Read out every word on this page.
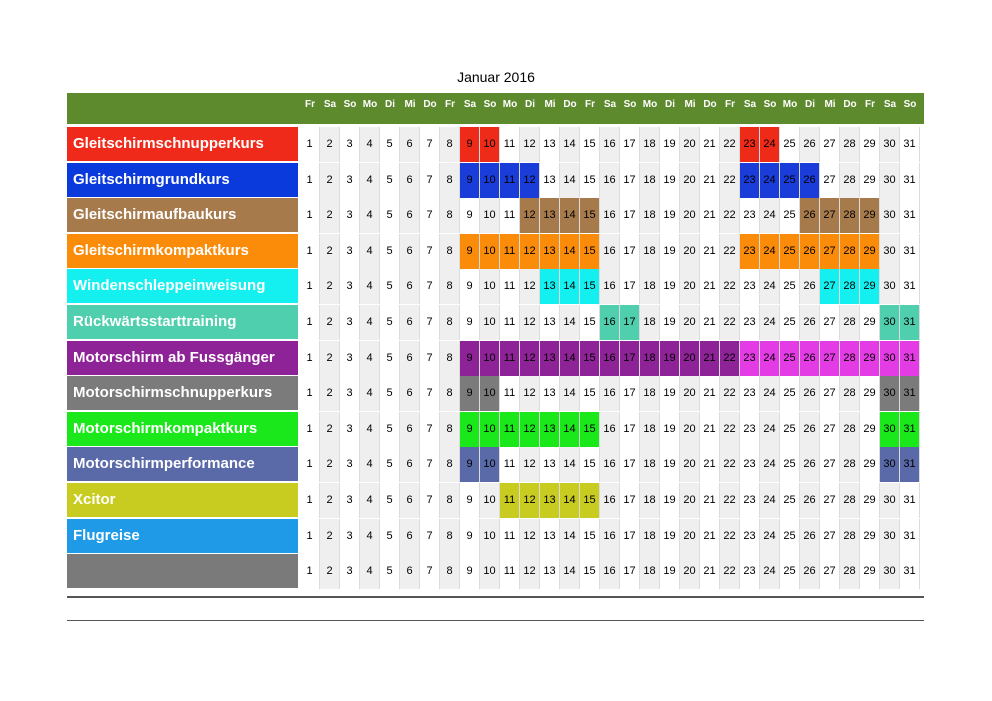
Januar 2016
Fr Sa So Mo Di Mi Do Fr Sa So Mo Di Mi Do Fr Sa So Mo Di Mi Do Fr Sa So Mo Di Mi Do Fr Sa So
Gleitschirmschnupperkurs	1	2	3	4	5	6	7	8	9 10 11 12 13 14 15 16 17 18 19 20 21 22 23 24 25 26 27 28 29 30 31
Gleitschirmgrundkurs	1	2	3	4	5	6	7	8	9 10 11 12 13 14 15 16 17 18 19 20 21 22 23 24 25 26 27 28 29 30 31
Gleitschirmaufbaukurs	1	2	3	4	5	6	7	8	9 10 11 12 13 14 15 16 17 18 19 20 21 22 23 24 25 26 27 28 29 30 31
Gleitschirmkompaktkurs	1	2	3	4	5	6	7	8	9 10 11 12 13 14 15 16 17 18 19 20 21 22 23 24 25 26 27 28 29 30 31
Windenschleppeinweisung	1	2	3	4	5	6	7	8	9 10 11 12 13 14 15 16 17 18 19 20 21 22 23 24 25 26 27 28 29 30 31
Rückwärtsstarttraining	1	2	3	4	5	6	7	8	9 10 11 12 13 14 15 16 17 18 19 20 21 22 23 24 25 26 27 28 29 30 31
Motorschirm ab Fussgänger	1	2	3	4	5	6	7	8	9 10 11 12 13 14 15 16 17 18 19 20 21 22 23 24 25 26 27 28 29 30 31
Motorschirmschnupperkurs	1	2	3	4	5	6	7	8	9 10 11 12 13 14 15 16 17 18 19 20 21 22 23 24 25 26 27 28 29 30 31
Motorschirmkompaktkurs	1	2	3	4	5	6	7	8	9 10 11 12 13 14 15 16 17 18 19 20 21 22 23 24 25 26 27 28 29 30 31
Motorschirmperformance	1	2	3	4	5	6	7	8	9 10 11 12 13 14 15 16 17 18 19 20 21 22 23 24 25 26 27 28 29 30 31
Xcitor	1	2	3	4	5	6	7	8	9 10 11 12 13 14 15 16 17 18 19 20 21 22 23 24 25 26 27 28 29 30 31
Flugreise	1	2	3	4	5	6	7	8	9 10 11 12 13 14 15 16 17 18 19 20 21 22 23 24 25 26 27 28 29 30 31
1	2	3	4	5	6	7	8	9 10 11 12 13 14 15 16 17 18 19 20 21 22 23 24 25 26 27 28 29 30 31
